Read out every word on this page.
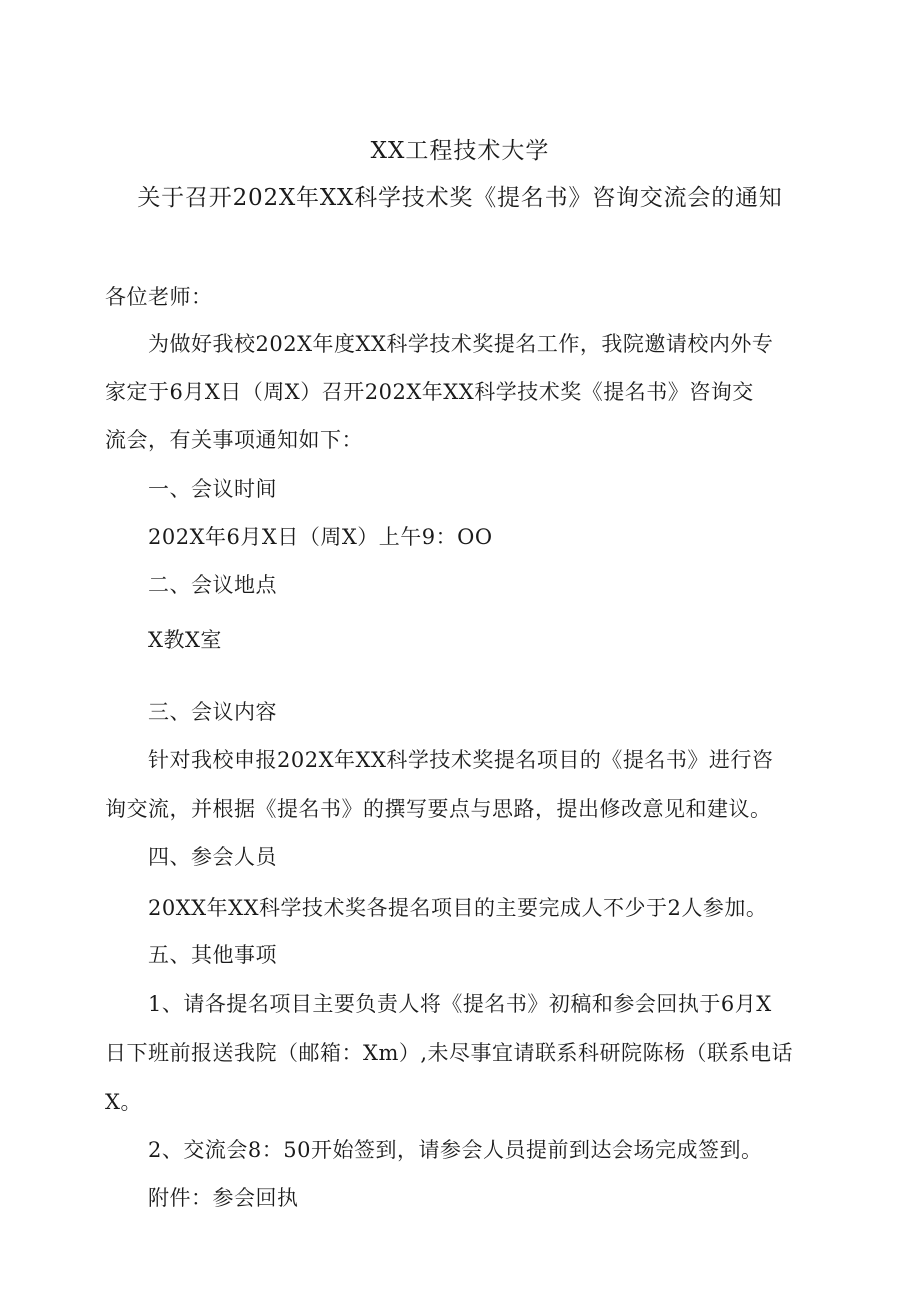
XX工程技术大学
关于召开202X年XX科学技术奖《提名书》咨询交流会的通知
各位老师：
为做好我校202X年度XX科学技术奖提名工作，我院邀请校内外专
家定于6月X日（周X）召开202X年XX科学技术奖《提名书》咨询交
流会，有关事项通知如下：
一、会议时间
202X年6月X日（周X）上午9：OO
二、会议地点
X教X室
三、会议内容
针对我校申报202X年XX科学技术奖提名项目的《提名书》进行咨
询交流，并根据《提名书》的撰写要点与思路，提出修改意见和建议。
四、参会人员
20XX年XX科学技术奖各提名项目的主要完成人不少于2人参加。
五、其他事项
1、请各提名项目主要负责人将《提名书》初稿和参会回执于6月X
日下班前报送我院（邮箱：Xm）,未尽事宜请联系科研院陈杨（联系电话
X。
2、交流会8：50开始签到，请参会人员提前到达会场完成签到。
附件：参会回执
